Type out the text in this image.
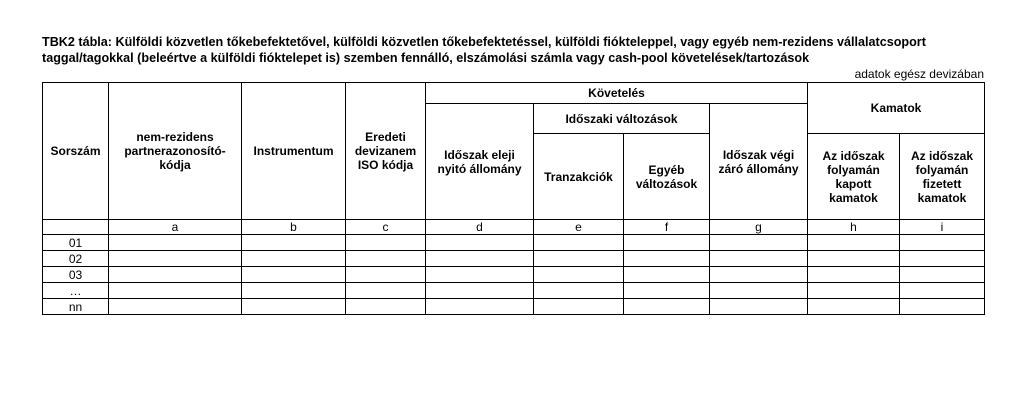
TBK2 tábla: Külföldi közvetlen tőkebefektetővel, külföldi közvetlen tőkebefektetéssel, külföldi fiókteleppel, vagy egyéb nem-rezidens vállalatcsoport taggal/tagokkal (beleértve a külföldi fióktelepet is) szemben fennálló, elszámolási számla vagy cash-pool követelések/tartozások
adatok egész devizában
Sorszám	nem-rezidens partnerazonosító-kódja	Instrumentum	Eredeti devizanem ISO kódja	Követelés				Kamatok	

				Időszak eleji nyitó állomány	Időszaki változások		Időszak végi záró állomány		

					Tranzakciók	Egyéb változások		Az időszak folyamán kapott kamatok	Az időszak folyamán fizetett kamatok

	a	b	c	d	e	f	g	h	i
01									
02									
03									
…									
nn									
